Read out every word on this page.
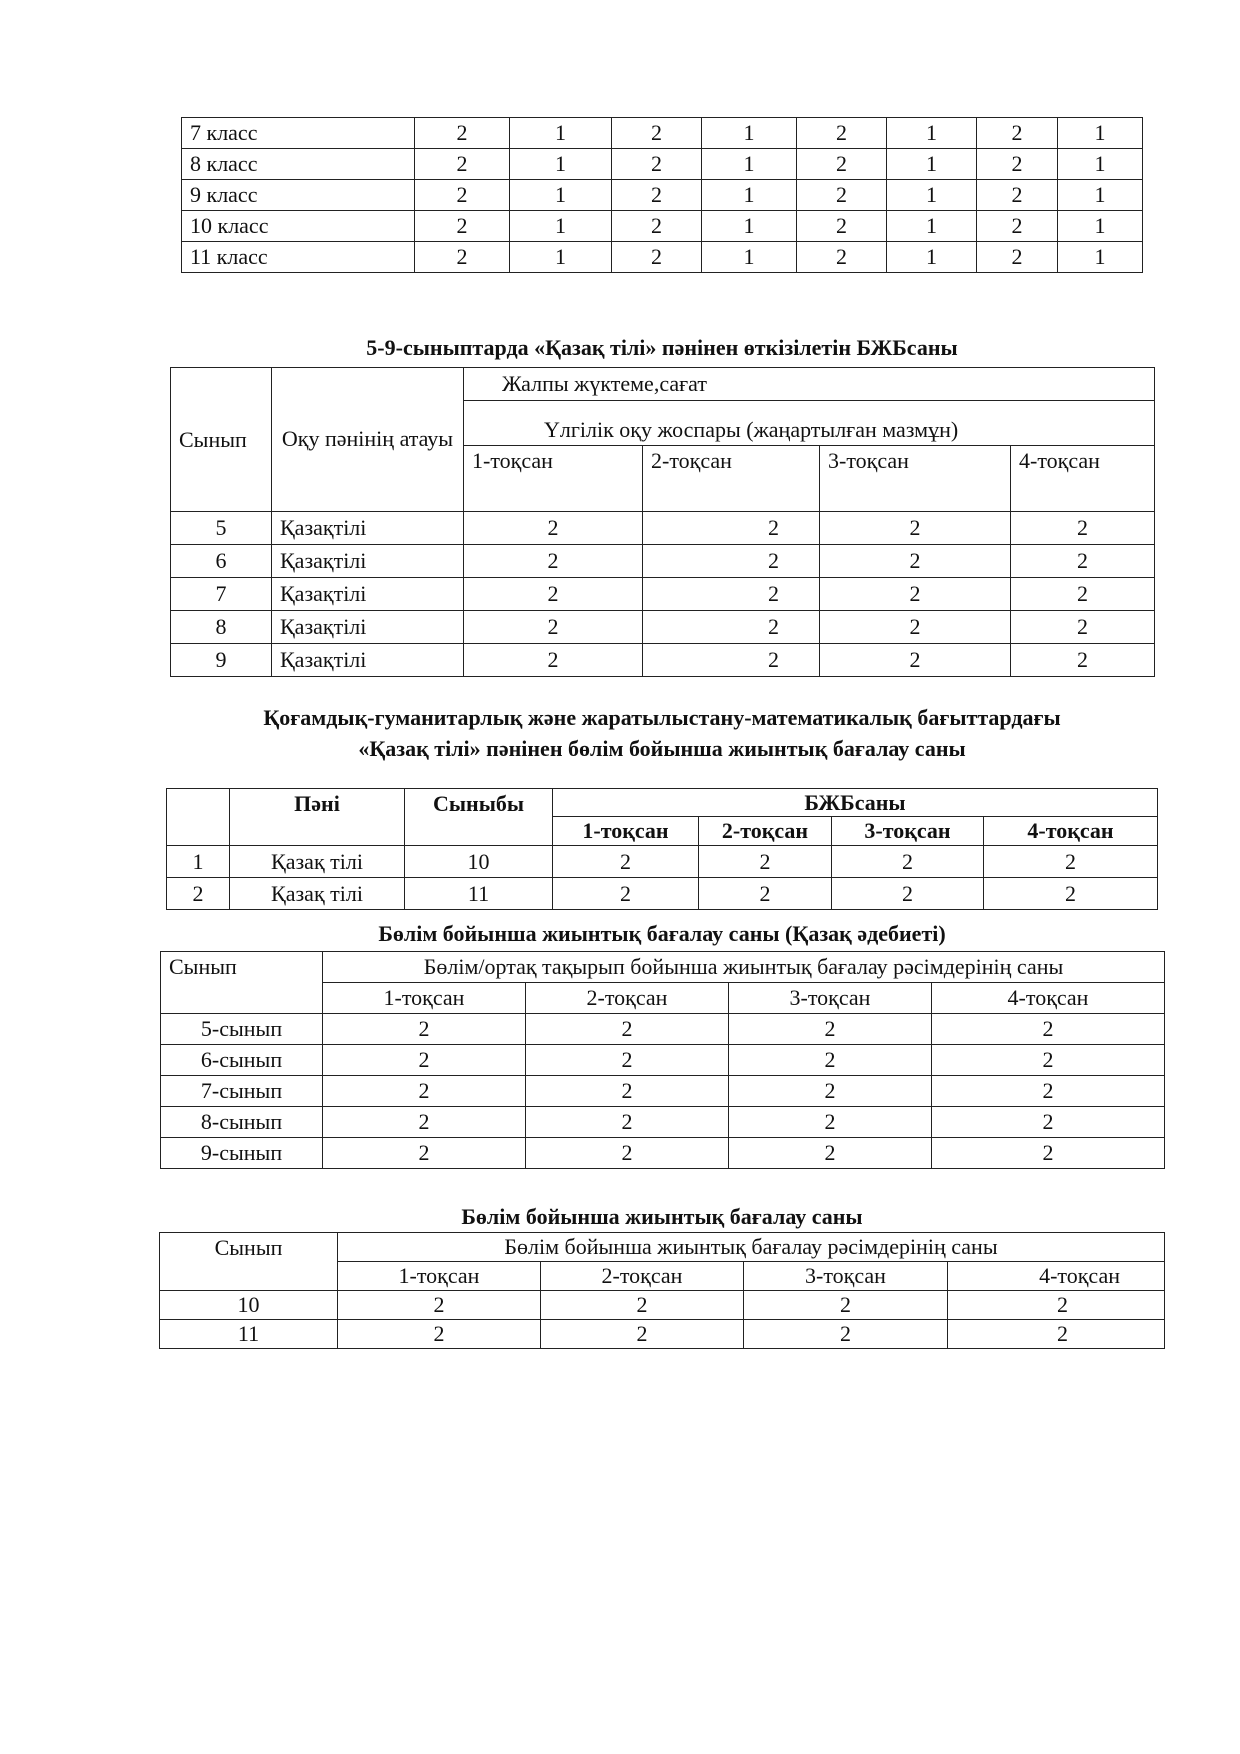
7 класс	2	1	2	1	2	1	2	1
8 класс	2	1	2	1	2	1	2	1
9 класс	2	1	2	1	2	1	2	1
10 класс	2	1	2	1	2	1	2	1
11 класс	2	1	2	1	2	1	2	1
5-9-сыныптарда «Қазақ тілі» пәнінен өткізілетін БЖБсаны
Сынып	Оқу пәнінің атауы	Жалпы жүктеме,сағат			
		Үлгілік оқу жоспары (жаңартылған мазмұн)			
		1-тоқсан	2-тоқсан	3-тоқсан	4-тоқсан
5	Қазақтілі	2	2	2	2
6	Қазақтілі	2	2	2	2
7	Қазақтілі	2	2	2	2
8	Қазақтілі	2	2	2	2
9	Қазақтілі	2	2	2	2
Қоғамдық-гуманитарлық және жаратылыстану-математикалық бағыттардағы
«Қазақ тілі» пәнінен бөлім бойынша жиынтық бағалау саны
	Пәні	Сыныбы	БЖБсаны			
			1-тоқсан	2-тоқсан	3-тоқсан	4-тоқсан
1	Қазақ тілі	10	2	2	2	2
2	Қазақ тілі	11	2	2	2	2
Бөлім бойынша жиынтық бағалау саны (Қазақ әдебиеті)
Сынып	Бөлім/ортақ тақырып бойынша жиынтық бағалау рәсімдерінің саны			
	1-тоқсан	2-тоқсан	3-тоқсан	4-тоқсан
5-сынып	2	2	2	2
6-сынып	2	2	2	2
7-сынып	2	2	2	2
8-сынып	2	2	2	2
9-сынып	2	2	2	2
Бөлім бойынша жиынтық бағалау саны
Сынып	Бөлім бойынша жиынтық бағалау рәсімдерінің саны			
	1-тоқсан	2-тоқсан	3-тоқсан	4-тоқсан
10	2	2	2	2
11	2	2	2	2
